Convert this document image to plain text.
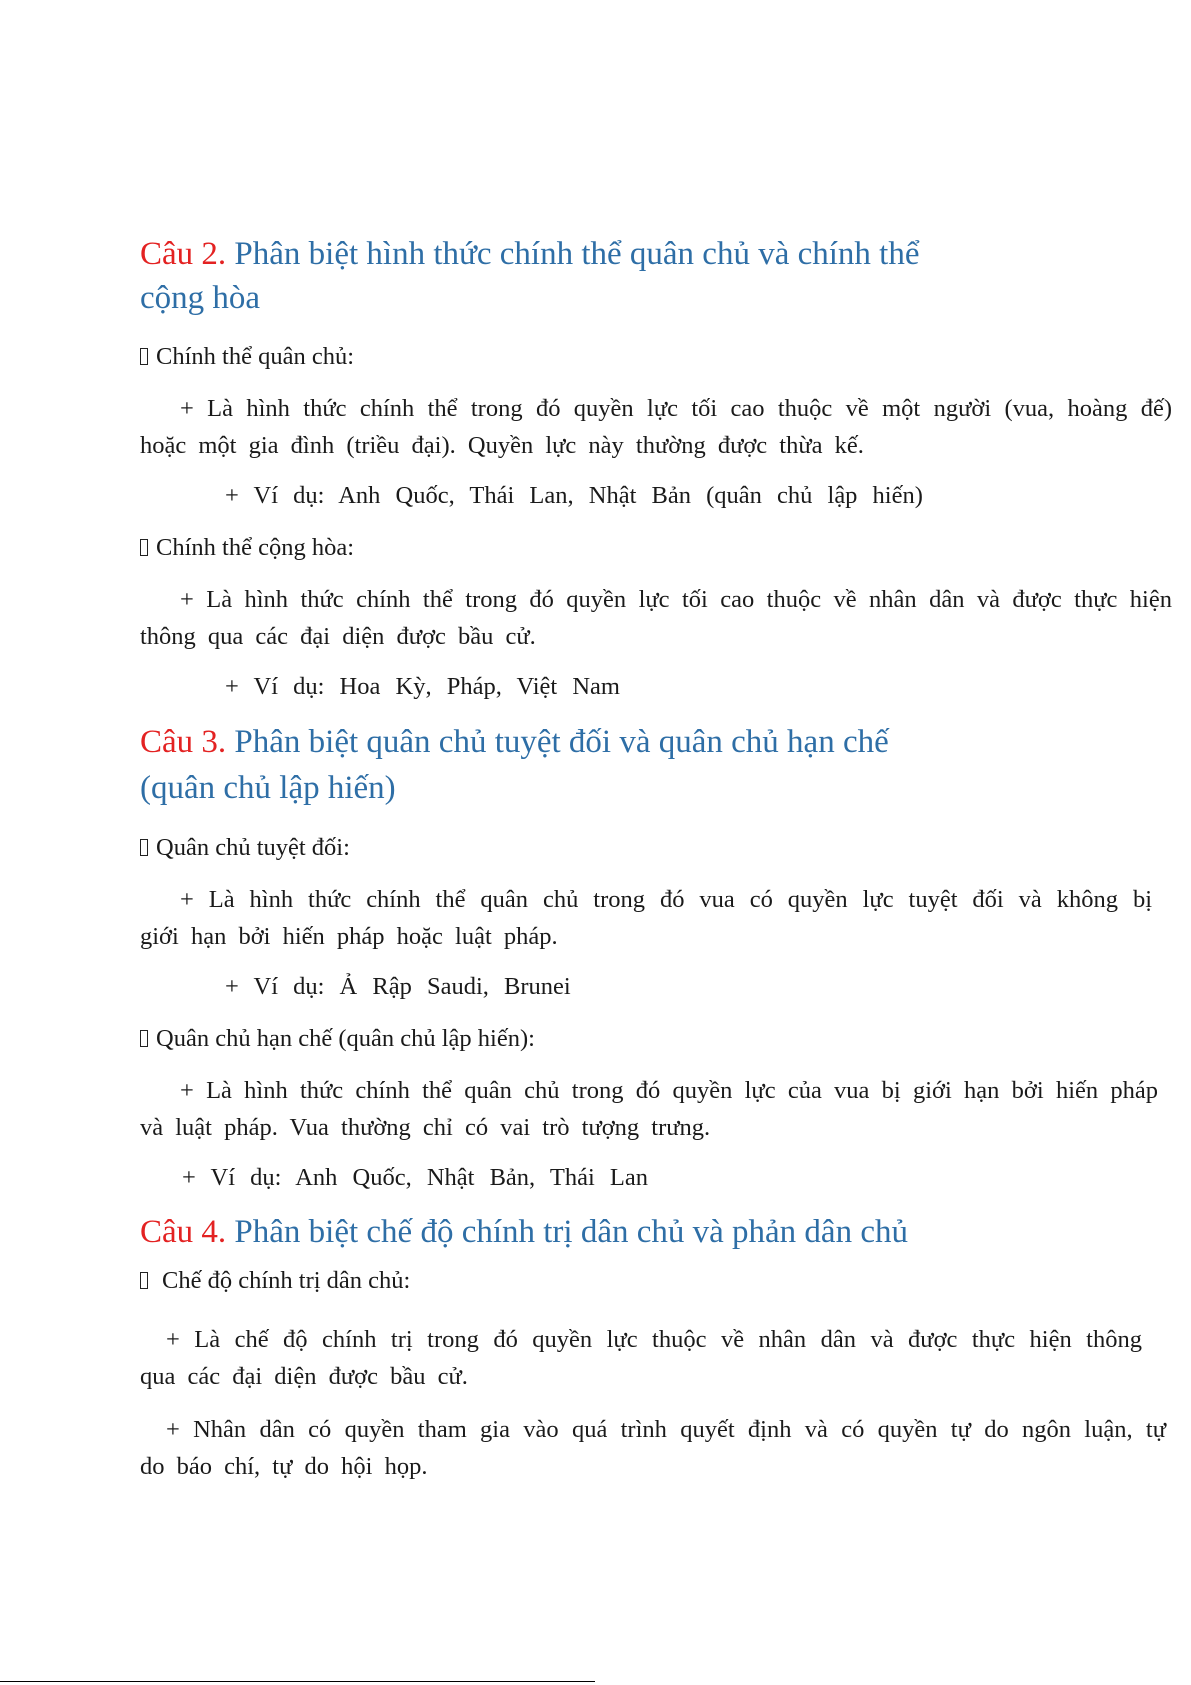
Câu 2. Phân biệt hình thức chính thể quân chủ và chính thể
cộng hòa
Chính thể quân chủ:

+ Là hình thức chính thể trong đó quyền lực tối cao thuộc về một người (vua, hoàng đế) hoặc một gia đình (triều đại). Quyền lực này thường được thừa kế.

+ Ví dụ: Anh Quốc, Thái Lan, Nhật Bản (quân chủ lập hiến)
Chính thể cộng hòa:

+ Là hình thức chính thể trong đó quyền lực tối cao thuộc về nhân dân và được thực hiện thông qua các đại diện được bầu cử.

+ Ví dụ: Hoa Kỳ, Pháp, Việt Nam
Câu 3. Phân biệt quân chủ tuyệt đối và quân chủ hạn chế
(quân chủ lập hiến)
Quân chủ tuyệt đối:

+ Là hình thức chính thể quân chủ trong đó vua có quyền lực tuyệt đối và không bị giới hạn bởi hiến pháp hoặc luật pháp.

+ Ví dụ: Ả Rập Saudi, Brunei
Quân chủ hạn chế (quân chủ lập hiến):

+ Là hình thức chính thể quân chủ trong đó quyền lực của vua bị giới hạn bởi hiến pháp và luật pháp. Vua thường chỉ có vai trò tượng trưng.

+ Ví dụ: Anh Quốc, Nhật Bản, Thái Lan
Câu 4. Phân biệt chế độ chính trị dân chủ và phản dân chủ
Chế độ chính trị dân chủ:

+ Là chế độ chính trị trong đó quyền lực thuộc về nhân dân và được thực hiện thông qua các đại diện được bầu cử.

+ Nhân dân có quyền tham gia vào quá trình quyết định và có quyền tự do ngôn luận, tự do báo chí, tự do hội họp.
